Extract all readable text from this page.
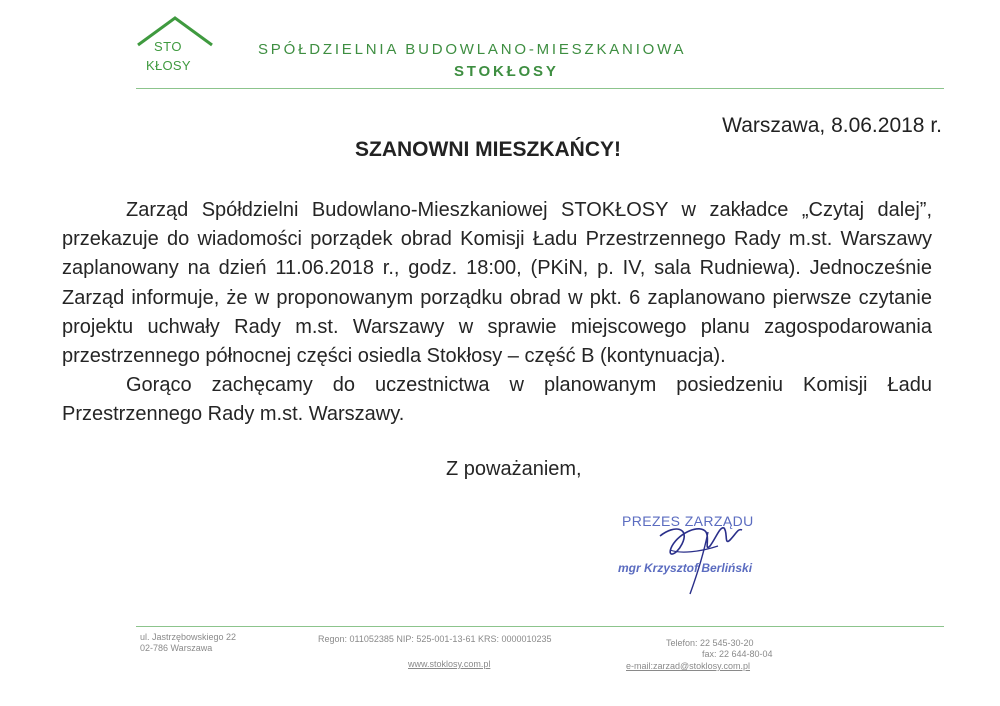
STO
KŁOSY
SPÓŁDZIELNIA BUDOWLANO-MIESZKANIOWA
STOKŁOSY
Warszawa, 8.06.2018 r.
SZANOWNI MIESZKAŃCY!

Zarząd Spółdzielni Budowlano-Mieszkaniowej STOKŁOSY w zakładce „Czytaj dalej”, przekazuje do wiadomości porządek obrad Komisji Ładu Przestrzennego Rady m.st. Warszawy zaplanowany na dzień 11.06.2018 r., godz. 18:00, (PKiN, p. IV, sala Rudniewa). Jednocześnie Zarząd informuje, że w proponowanym porządku obrad w pkt. 6 zaplanowano pierwsze czytanie projektu uchwały Rady m.st. Warszawy w sprawie miejscowego planu zagospodarowania przestrzennego północnej części osiedla Stokłosy – część B (kontynuacja).

Gorąco zachęcamy do uczestnictwa w planowanym posiedzeniu Komisji Ładu Przestrzennego Rady m.st. Warszawy.

Z poważaniem,
PREZES ZARZĄDU
mgr Krzysztof Berliński
ul. Jastrzębowskiego 22
02-786 Warszawa
Regon: 011052385 NIP: 525-001-13-61 KRS: 0000010235
www.stoklosy.com.pl
Telefon: 22 545-30-20
fax: 22 644-80-04
e-mail:zarzad@stoklosy.com.pl
